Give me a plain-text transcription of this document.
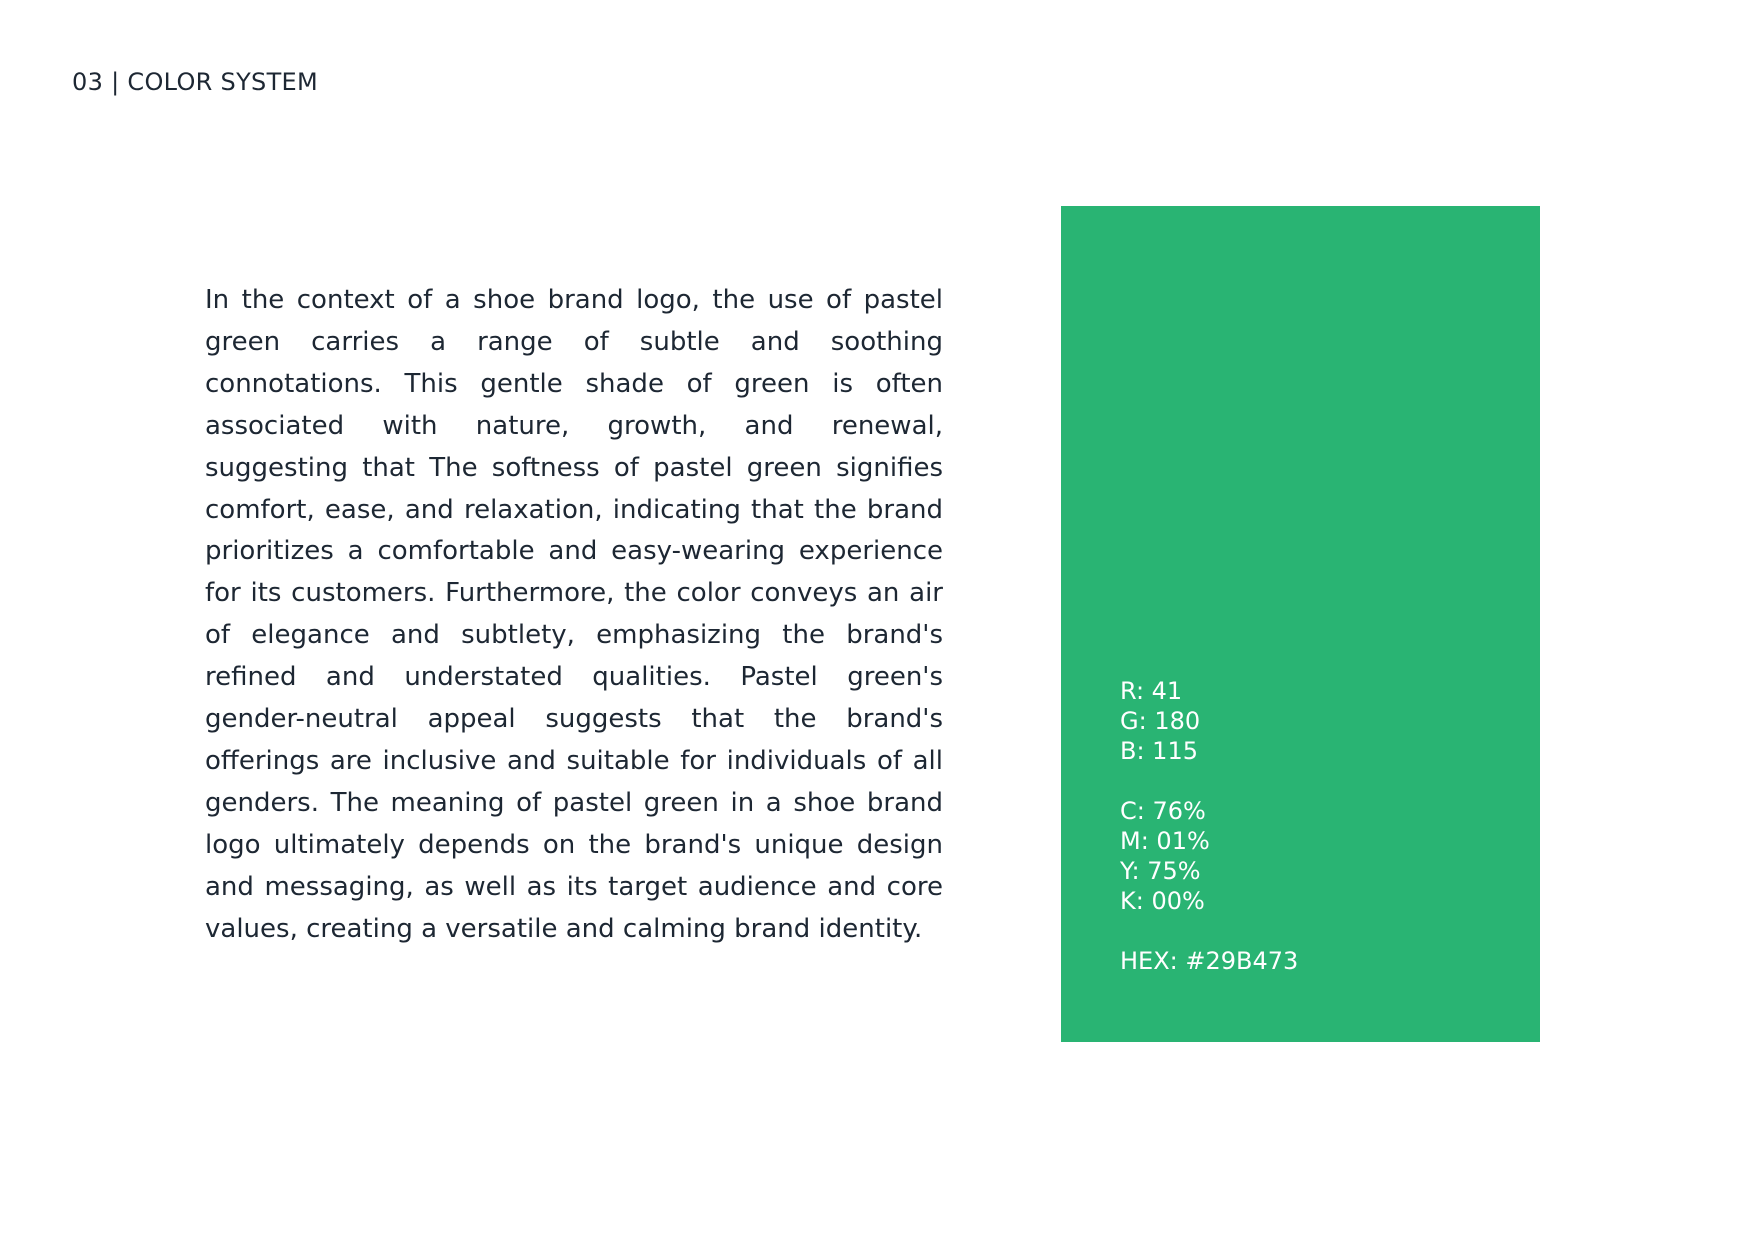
03 | COLOR SYSTEM
In the context of a shoe brand logo, the use of pastel green carries a range of subtle and soothing connotations. This gentle shade of green is often associated with nature, growth, and renewal, suggesting that The softness of pastel green signifies comfort, ease, and relaxation, indicating that the brand prioritizes a comfortable and easy-wearing experience for its customers. Furthermore, the color conveys an air of elegance and subtlety, emphasizing the brand's refined and understated qualities. Pastel green's gender-neutral appeal suggests that the brand's offerings are inclusive and suitable for individuals of all genders. The meaning of pastel green in a shoe brand logo ultimately depends on the brand's unique design and messaging, as well as its target audience and core values, creating a versatile and calming brand identity.
R: 41
G: 180
B: 115
C: 76%
M: 01%
Y: 75%
K: 00%
HEX: #29B473
